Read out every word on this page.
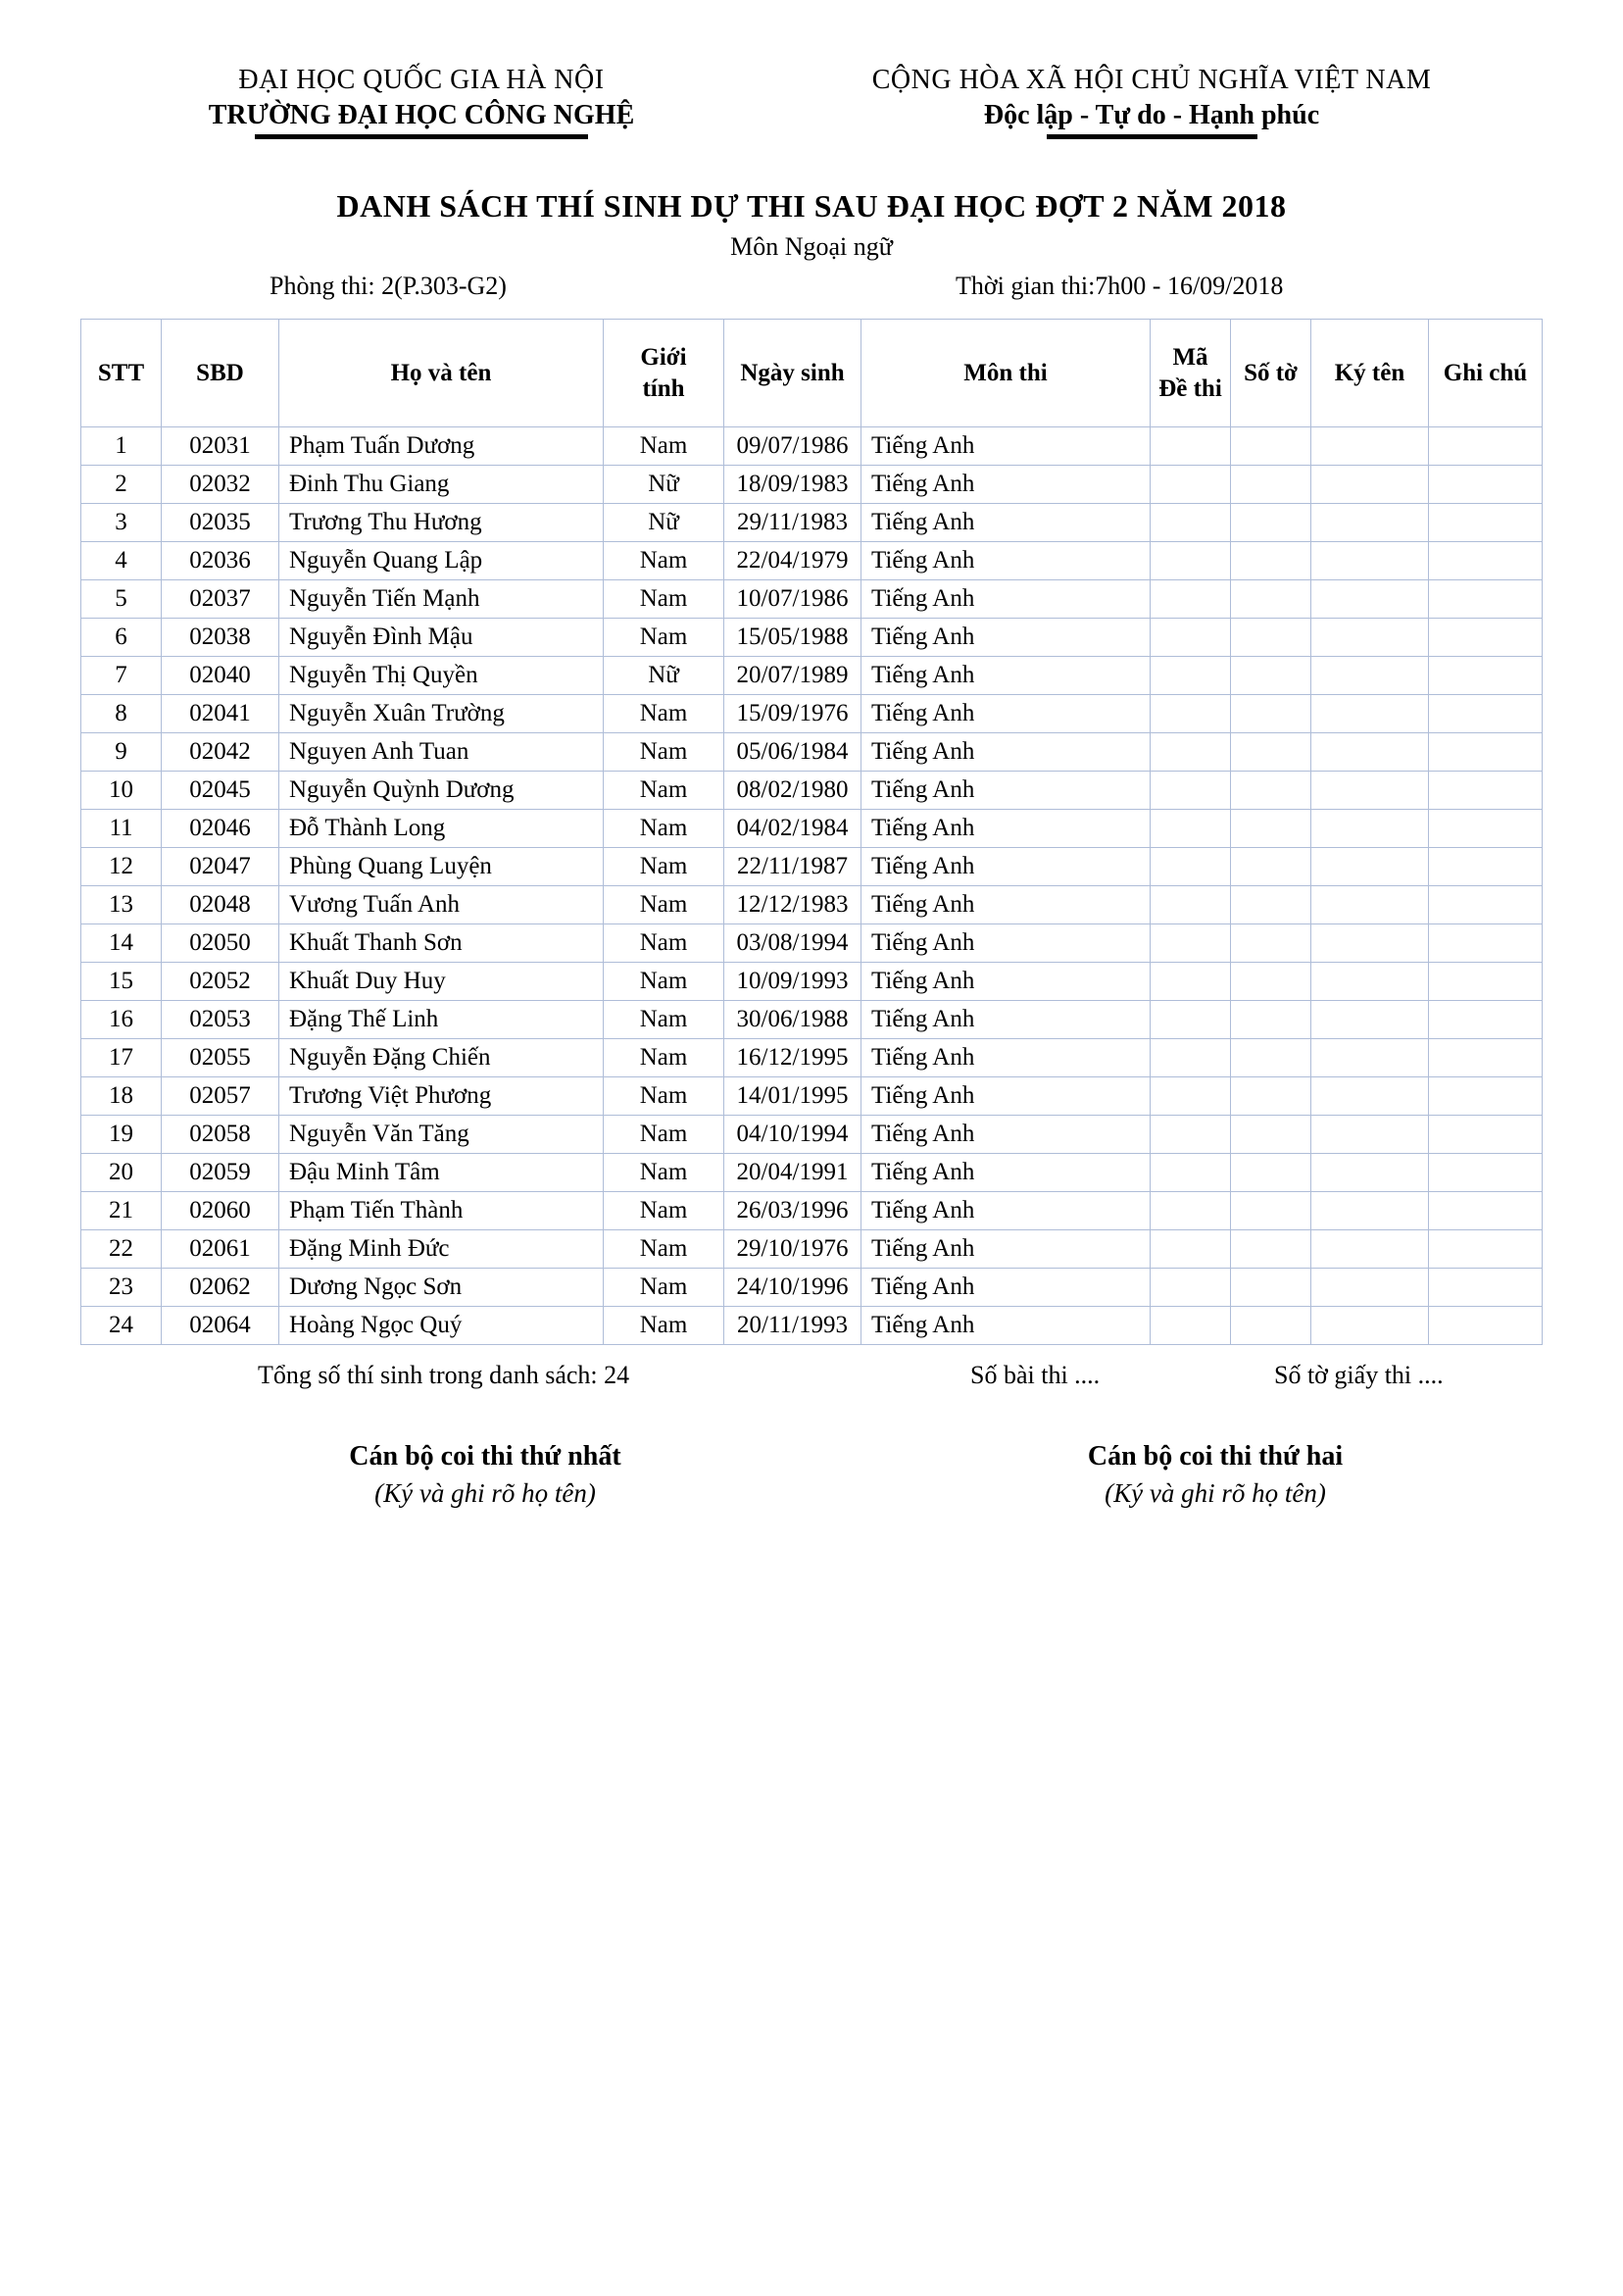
ĐẠI HỌC QUỐC GIA HÀ NỘI
TRƯỜNG ĐẠI HỌC CÔNG NGHỆ
CỘNG HÒA XÃ HỘI CHỦ NGHĨA VIỆT NAM
Độc lập - Tự do - Hạnh phúc
DANH SÁCH THÍ SINH DỰ THI SAU ĐẠI HỌC ĐỢT 2 NĂM 2018
Môn Ngoại ngữ
Phòng thi: 2(P.303-G2)	Thời gian thi:7h00 - 16/09/2018
STT	SBD	Họ và tên	Giới tính	Ngày sinh	Môn thi	Mã Đề thi	Số tờ	Ký tên	Ghi chú
1	02031	Phạm Tuấn Dương	Nam	09/07/1986	Tiếng Anh				
2	02032	Đinh Thu Giang	Nữ	18/09/1983	Tiếng Anh				
3	02035	Trương Thu Hương	Nữ	29/11/1983	Tiếng Anh				
4	02036	Nguyễn Quang Lập	Nam	22/04/1979	Tiếng Anh				
5	02037	Nguyễn Tiến Mạnh	Nam	10/07/1986	Tiếng Anh				
6	02038	Nguyễn Đình Mậu	Nam	15/05/1988	Tiếng Anh				
7	02040	Nguyễn Thị Quyền	Nữ	20/07/1989	Tiếng Anh				
8	02041	Nguyễn Xuân Trường	Nam	15/09/1976	Tiếng Anh				
9	02042	Nguyen Anh Tuan	Nam	05/06/1984	Tiếng Anh				
10	02045	Nguyễn Quỳnh Dương	Nam	08/02/1980	Tiếng Anh				
11	02046	Đỗ Thành Long	Nam	04/02/1984	Tiếng Anh				
12	02047	Phùng Quang Luyện	Nam	22/11/1987	Tiếng Anh				
13	02048	Vương Tuấn Anh	Nam	12/12/1983	Tiếng Anh				
14	02050	Khuất Thanh Sơn	Nam	03/08/1994	Tiếng Anh				
15	02052	Khuất Duy Huy	Nam	10/09/1993	Tiếng Anh				
16	02053	Đặng Thế Linh	Nam	30/06/1988	Tiếng Anh				
17	02055	Nguyễn Đặng Chiến	Nam	16/12/1995	Tiếng Anh				
18	02057	Trương Việt Phương	Nam	14/01/1995	Tiếng Anh				
19	02058	Nguyễn Văn Tăng	Nam	04/10/1994	Tiếng Anh				
20	02059	Đậu Minh Tâm	Nam	20/04/1991	Tiếng Anh				
21	02060	Phạm Tiến Thành	Nam	26/03/1996	Tiếng Anh				
22	02061	Đặng Minh Đức	Nam	29/10/1976	Tiếng Anh				
23	02062	Dương Ngọc Sơn	Nam	24/10/1996	Tiếng Anh				
24	02064	Hoàng Ngọc Quý	Nam	20/11/1993	Tiếng Anh				
Tổng số thí sinh trong danh sách: 24	Số bài thi ....	Số tờ giấy thi ....
Cán bộ coi thi thứ nhất
(Ký và ghi rõ họ tên)
Cán bộ coi thi thứ hai
(Ký và ghi rõ họ tên)
